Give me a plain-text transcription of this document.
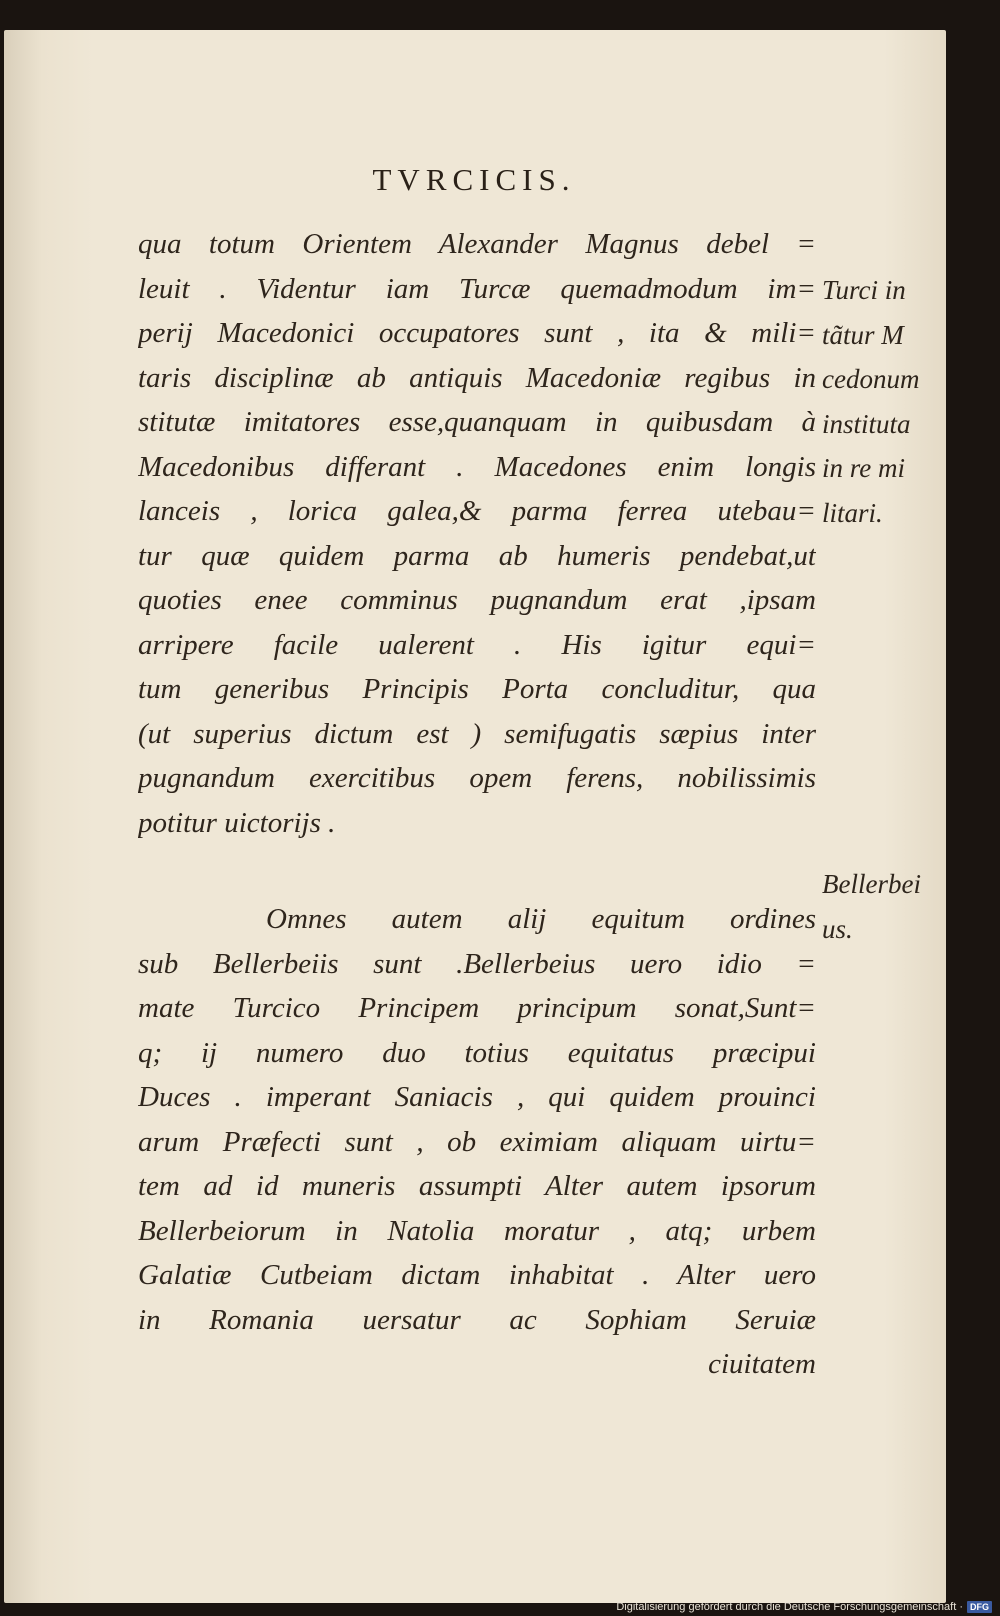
TVRCICIS.
qua totum Orientem Alexander Magnus debel =
leuit . Videntur iam Turcæ quemadmodum im=
perij Macedonici occupatores sunt , ita & mili=
taris disciplinæ ab antiquis Macedoniæ regibus in
stitutæ imitatores esse,quanquam in quibusdam à
Macedonibus differant . Macedones enim longis
lanceis , lorica galea,& parma ferrea utebau=
tur quæ quidem parma ab humeris pendebat,ut
quoties enee comminus pugnandum erat ,ipsam
arripere facile ualerent . His igitur equi=
tum generibus Principis Porta concluditur, qua
(ut superius dictum est ) semifugatis sæpius inter
pugnandum exercitibus opem ferens, nobilissimis
potitur uictorijs .
Omnes autem alij equitum ordines
sub Bellerbeiis sunt .Bellerbeius uero idio =
mate Turcico Principem principum sonat,Sunt=
q; ij numero duo totius equitatus præcipui
Duces . imperant Saniacis , qui quidem prouinci
arum Præfecti sunt , ob eximiam aliquam uirtu=
tem ad id muneris assumpti Alter autem ipsorum
Bellerbeiorum in Natolia moratur , atq; urbem
Galatiæ Cutbeiam dictam inhabitat . Alter uero
in Romania uersatur ac Sophiam Seruiæ
ciuitatem
Turci in
tãtur M
cedonum
instituta
in re mi
litari.
Bellerbei
us.
Digitalisierung gefördert durch die Deutsche Forschungsgemeinschaft · DFG
